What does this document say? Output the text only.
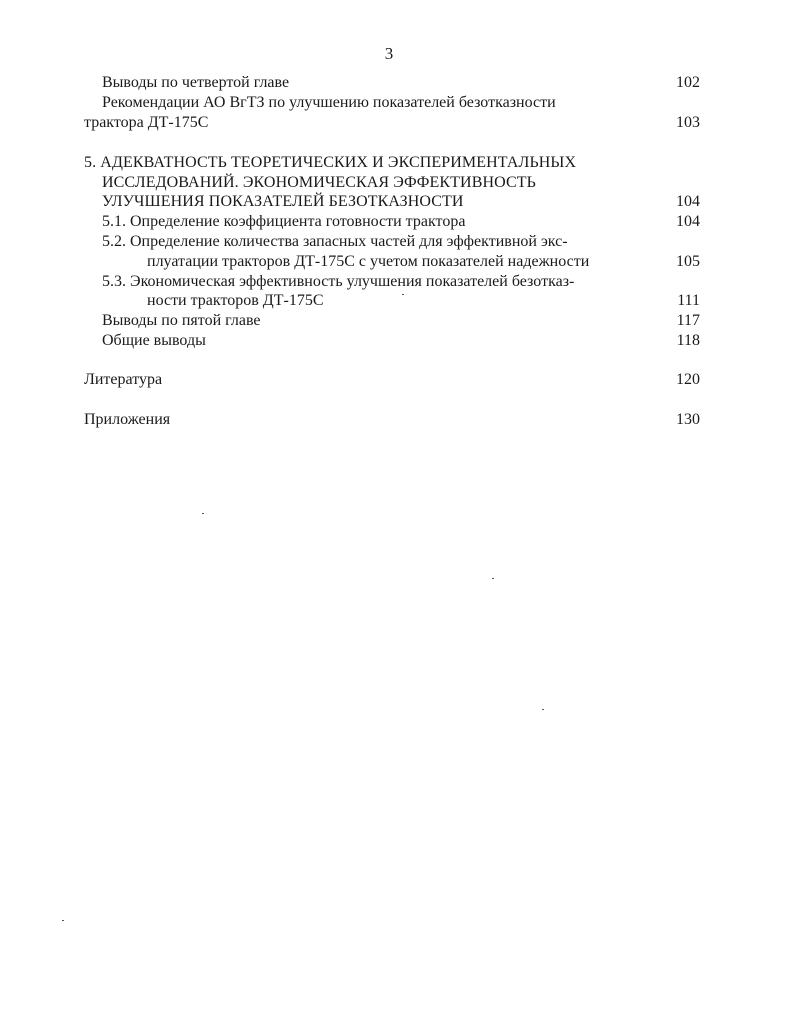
3
Выводы по четвертой главе	102
Рекомендации АО ВгТЗ по улучшению показателей безотказности
трактора ДТ-175С	103
5. АДЕКВАТНОСТЬ ТЕОРЕТИЧЕСКИХ И ЭКСПЕРИМЕНТАЛЬНЫХ
ИССЛЕДОВАНИЙ. ЭКОНОМИЧЕСКАЯ ЭФФЕКТИВНОСТЬ
УЛУЧШЕНИЯ ПОКАЗАТЕЛЕЙ БЕЗОТКАЗНОСТИ	104
5.1. Определение коэффициента готовности трактора	104
5.2. Определение количества запасных частей для эффективной экс-
плуатации тракторов ДТ-175С с учетом показателей надежности	105
5.3. Экономическая эффективность улучшения показателей безотказ-
ности тракторов ДТ-175С	111
Выводы по пятой главе	117
Общие выводы	118
Литература	120
Приложения	130
